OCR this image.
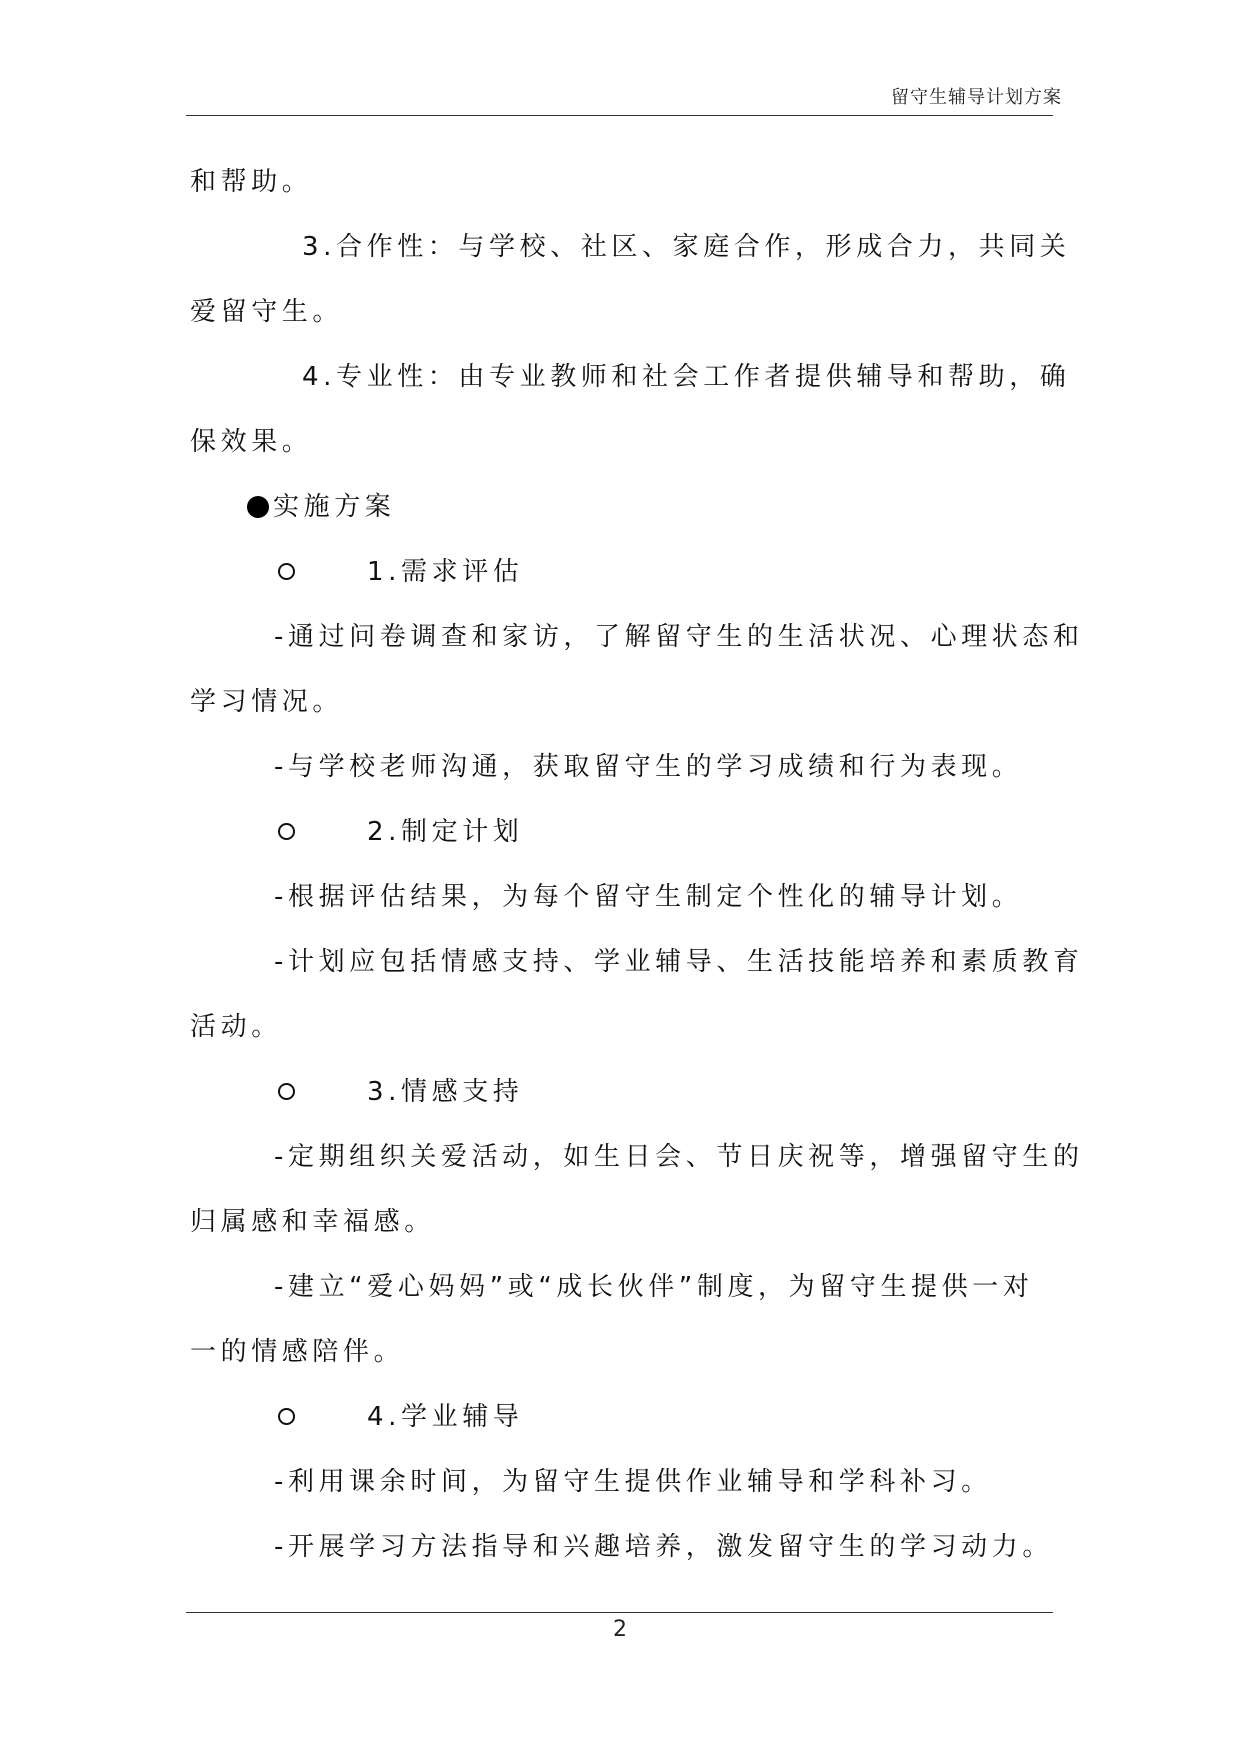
留守生辅导计划方案
和帮助。
3.合作性：与学校、社区、家庭合作，形成合力，共同关
爱留守生。
4.专业性：由专业教师和社会工作者提供辅导和帮助，确
保效果。
实施方案
1.需求评估
-通过问卷调查和家访，了解留守生的生活状况、心理状态和
学习情况。
-与学校老师沟通，获取留守生的学习成绩和行为表现。
2.制定计划
-根据评估结果，为每个留守生制定个性化的辅导计划。
-计划应包括情感支持、学业辅导、生活技能培养和素质教育
活动。
3.情感支持
-定期组织关爱活动，如生日会、节日庆祝等，增强留守生的
归属感和幸福感。
-建立“爱心妈妈”或“成长伙伴”制度，为留守生提供一对
一的情感陪伴。
4.学业辅导
-利用课余时间，为留守生提供作业辅导和学科补习。
-开展学习方法指导和兴趣培养，激发留守生的学习动力。
2
